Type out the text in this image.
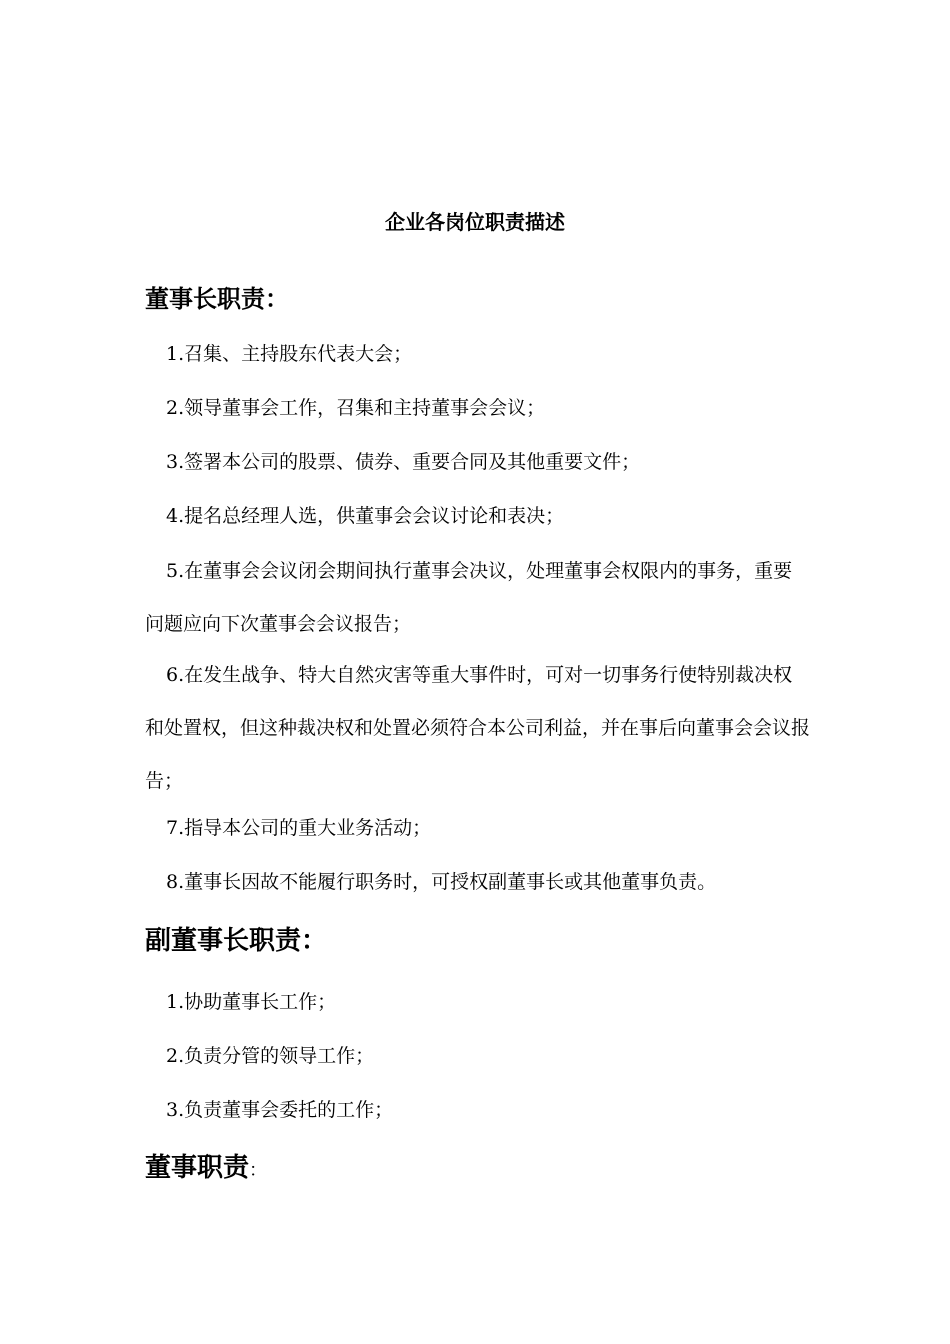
企业各岗位职责描述
董事长职责：

1.召集、主持股东代表大会；

2.领导董事会工作，召集和主持董事会会议；

3.签署本公司的股票、债券、重要合同及其他重要文件；

4.提名总经理人选，供董事会会议讨论和表决；

5.在董事会会议闭会期间执行董事会决议，处理董事会权限内的事务，重要问题应向下次董事会会议报告；

6.在发生战争、特大自然灾害等重大事件时，可对一切事务行使特别裁决权和处置权，但这种裁决权和处置必须符合本公司利益，并在事后向董事会会议报告；

7.指导本公司的重大业务活动；

8.董事长因故不能履行职务时，可授权副董事长或其他董事负责。

副董事长职责：

1.协助董事长工作；

2.负责分管的领导工作；

3.负责董事会委托的工作；

董事职责：
